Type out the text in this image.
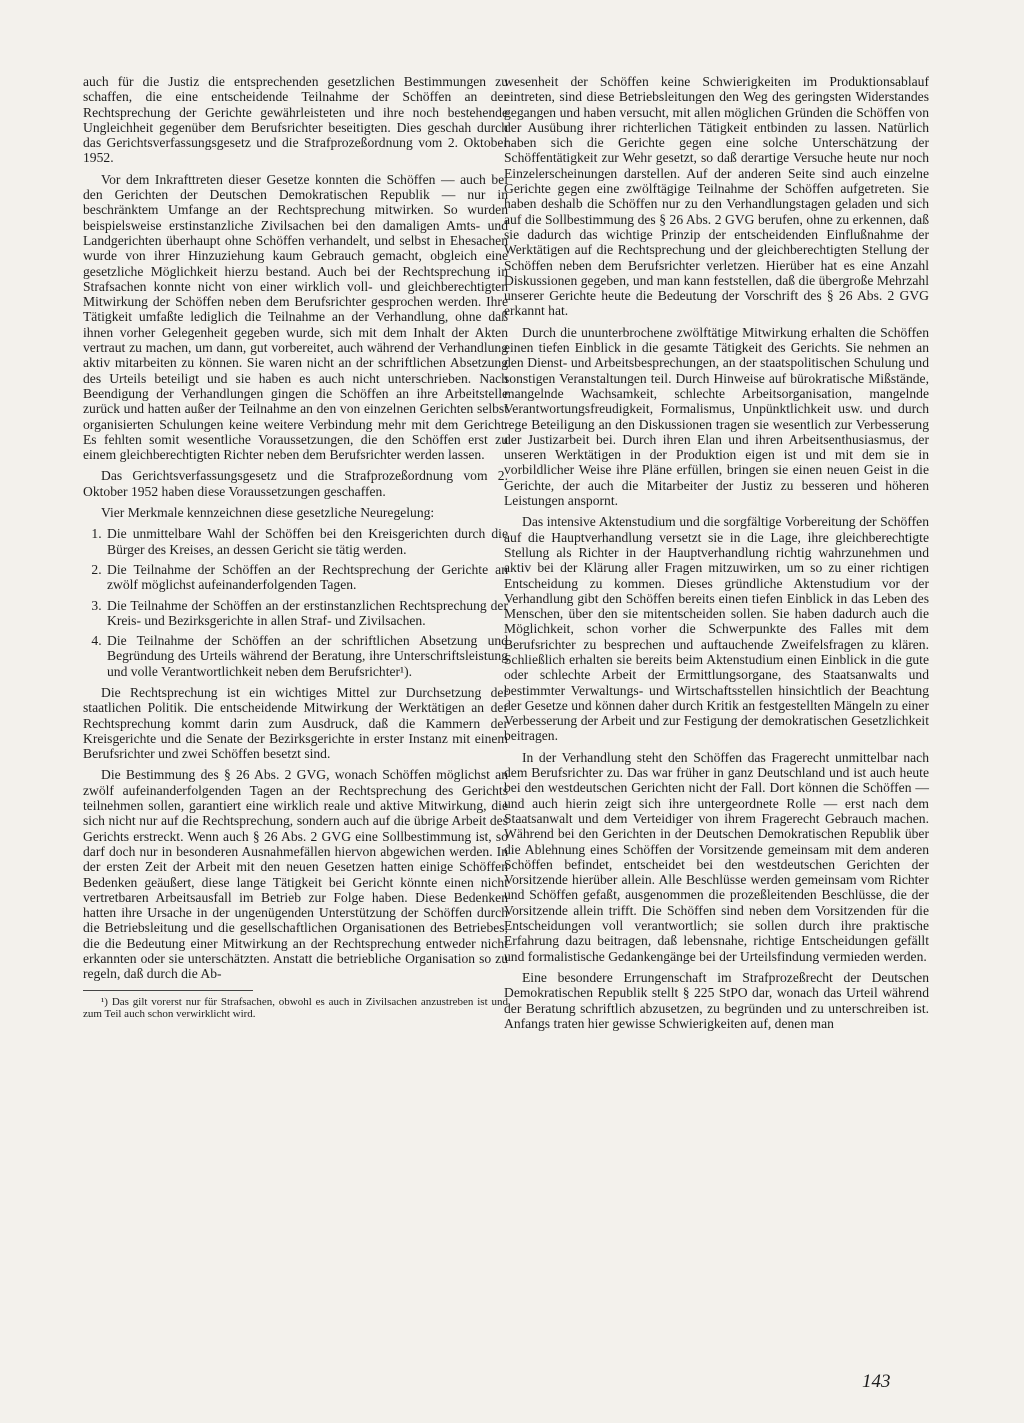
auch für die Justiz die entsprechenden gesetzlichen Bestimmungen zu schaffen, die eine entscheidende Teilnahme der Schöffen an der Rechtsprechung der Gerichte gewährleisteten und ihre noch bestehende Ungleichheit gegenüber dem Berufsrichter beseitigten. Dies geschah durch das Gerichtsverfassungsgesetz und die Strafprozeßordnung vom 2. Oktober 1952.

Vor dem Inkrafttreten dieser Gesetze konnten die Schöffen — auch bei den Gerichten der Deutschen Demokratischen Republik — nur in beschränktem Umfange an der Rechtsprechung mitwirken. So wurden beispielsweise erstinstanzliche Zivilsachen bei den damaligen Amts- und Landgerichten überhaupt ohne Schöffen verhandelt, und selbst in Ehesachen wurde von ihrer Hinzuziehung kaum Gebrauch gemacht, obgleich eine gesetzliche Möglichkeit hierzu bestand. Auch bei der Rechtsprechung in Strafsachen konnte nicht von einer wirklich voll- und gleichberechtigten Mitwirkung der Schöffen neben dem Berufsrichter gesprochen werden. Ihre Tätigkeit umfaßte lediglich die Teilnahme an der Verhandlung, ohne daß ihnen vorher Gelegenheit gegeben wurde, sich mit dem Inhalt der Akten vertraut zu machen, um dann, gut vorbereitet, auch während der Verhandlung aktiv mitarbeiten zu können. Sie waren nicht an der schriftlichen Absetzung des Urteils beteiligt und sie haben es auch nicht unterschrieben. Nach Beendigung der Verhandlungen gingen die Schöffen an ihre Arbeitstelle zurück und hatten außer der Teilnahme an den von einzelnen Gerichten selbst organisierten Schulungen keine weitere Verbindung mehr mit dem Gericht. Es fehlten somit wesentliche Voraussetzungen, die den Schöffen erst zu einem gleichberechtigten Richter neben dem Berufsrichter werden lassen.

Das Gerichtsverfassungsgesetz und die Strafprozeßordnung vom 2. Oktober 1952 haben diese Voraussetzungen geschaffen.

Vier Merkmale kennzeichnen diese gesetzliche Neuregelung:

1. Die unmittelbare Wahl der Schöffen bei den Kreisgerichten durch die Bürger des Kreises, an dessen Gericht sie tätig werden.
2. Die Teilnahme der Schöffen an der Rechtsprechung der Gerichte an zwölf möglichst aufeinanderfolgenden Tagen.
3. Die Teilnahme der Schöffen an der erstinstanzlichen Rechtsprechung der Kreis- und Bezirksgerichte in allen Straf- und Zivilsachen.
4. Die Teilnahme der Schöffen an der schriftlichen Absetzung und Begründung des Urteils während der Beratung, ihre Unterschriftsleistung und volle Verantwortlichkeit neben dem Berufsrichter¹).

Die Rechtsprechung ist ein wichtiges Mittel zur Durchsetzung der staatlichen Politik. Die entscheidende Mitwirkung der Werktätigen an der Rechtsprechung kommt darin zum Ausdruck, daß die Kammern der Kreisgerichte und die Senate der Bezirksgerichte in erster Instanz mit einem Berufsrichter und zwei Schöffen besetzt sind.

Die Bestimmung des § 26 Abs. 2 GVG, wonach Schöffen möglichst an zwölf aufeinanderfolgenden Tagen an der Rechtsprechung des Gerichts teilnehmen sollen, garantiert eine wirklich reale und aktive Mitwirkung, die sich nicht nur auf die Rechtsprechung, sondern auch auf die übrige Arbeit des Gerichts erstreckt. Wenn auch § 26 Abs. 2 GVG eine Sollbestimmung ist, so darf doch nur in besonderen Ausnahmefällen hiervon abgewichen werden. In der ersten Zeit der Arbeit mit den neuen Gesetzen hatten einige Schöffen Bedenken geäußert, diese lange Tätigkeit bei Gericht könnte einen nicht vertretbaren Arbeitsausfall im Betrieb zur Folge haben. Diese Bedenken hatten ihre Ursache in der ungenügenden Unterstützung der Schöffen durch die Betriebsleitung und die gesellschaftlichen Organisationen des Betriebes, die die Bedeutung einer Mitwirkung an der Rechtsprechung entweder nicht erkannten oder sie unterschätzten. Anstatt die betriebliche Organisation so zu regeln, daß durch die Ab-

¹) Das gilt vorerst nur für Strafsachen, obwohl es auch in Zivilsachen anzustreben ist und zum Teil auch schon verwirklicht wird.

wesenheit der Schöffen keine Schwierigkeiten im Produktionsablauf eintreten, sind diese Betriebsleitungen den Weg des geringsten Widerstandes gegangen und haben versucht, mit allen möglichen Gründen die Schöffen von der Ausübung ihrer richterlichen Tätigkeit entbinden zu lassen. Natürlich haben sich die Gerichte gegen eine solche Unterschätzung der Schöffentätigkeit zur Wehr gesetzt, so daß derartige Versuche heute nur noch Einzelerscheinungen darstellen. Auf der anderen Seite sind auch einzelne Gerichte gegen eine zwölftägige Teilnahme der Schöffen aufgetreten. Sie haben deshalb die Schöffen nur zu den Verhandlungstagen geladen und sich auf die Sollbestimmung des § 26 Abs. 2 GVG berufen, ohne zu erkennen, daß sie dadurch das wichtige Prinzip der entscheidenden Einflußnahme der Werktätigen auf die Rechtsprechung und der gleichberechtigten Stellung der Schöffen neben dem Berufsrichter verletzen. Hierüber hat es eine Anzahl Diskussionen gegeben, und man kann feststellen, daß die übergroße Mehrzahl unserer Gerichte heute die Bedeutung der Vorschrift des § 26 Abs. 2 GVG erkannt hat.

Durch die ununterbrochene zwölftätige Mitwirkung erhalten die Schöffen einen tiefen Einblick in die gesamte Tätigkeit des Gerichts. Sie nehmen an den Dienst- und Arbeitsbesprechungen, an der staatspolitischen Schulung und sonstigen Veranstaltungen teil. Durch Hinweise auf bürokratische Mißstände, mangelnde Wachsamkeit, schlechte Arbeitsorganisation, mangelnde Verantwortungsfreudigkeit, Formalismus, Unpünktlichkeit usw. und durch rege Beteiligung an den Diskussionen tragen sie wesentlich zur Verbesserung der Justizarbeit bei. Durch ihren Elan und ihren Arbeitsenthusiasmus, der unseren Werktätigen in der Produktion eigen ist und mit dem sie in vorbildlicher Weise ihre Pläne erfüllen, bringen sie einen neuen Geist in die Gerichte, der auch die Mitarbeiter der Justiz zu besseren und höheren Leistungen anspornt.

Das intensive Aktenstudium und die sorgfältige Vorbereitung der Schöffen auf die Hauptverhandlung versetzt sie in die Lage, ihre gleichberechtigte Stellung als Richter in der Hauptverhandlung richtig wahrzunehmen und aktiv bei der Klärung aller Fragen mitzuwirken, um so zu einer richtigen Entscheidung zu kommen. Dieses gründliche Aktenstudium vor der Verhandlung gibt den Schöffen bereits einen tiefen Einblick in das Leben des Menschen, über den sie mitentscheiden sollen. Sie haben dadurch auch die Möglichkeit, schon vorher die Schwerpunkte des Falles mit dem Berufsrichter zu besprechen und auftauchende Zweifelsfragen zu klären. Schließlich erhalten sie bereits beim Aktenstudium einen Einblick in die gute oder schlechte Arbeit der Ermittlungsorgane, des Staatsanwalts und bestimmter Verwaltungs- und Wirtschaftsstellen hinsichtlich der Beachtung der Gesetze und können daher durch Kritik an festgestellten Mängeln zu einer Verbesserung der Arbeit und zur Festigung der demokratischen Gesetzlichkeit beitragen.

In der Verhandlung steht den Schöffen das Fragerecht unmittelbar nach dem Berufsrichter zu. Das war früher in ganz Deutschland und ist auch heute bei den westdeutschen Gerichten nicht der Fall. Dort können die Schöffen — und auch hierin zeigt sich ihre untergeordnete Rolle — erst nach dem Staatsanwalt und dem Verteidiger von ihrem Fragerecht Gebrauch machen. Während bei den Gerichten in der Deutschen Demokratischen Republik über die Ablehnung eines Schöffen der Vorsitzende gemeinsam mit dem anderen Schöffen befindet, entscheidet bei den westdeutschen Gerichten der Vorsitzende hierüber allein. Alle Beschlüsse werden gemeinsam vom Richter und Schöffen gefaßt, ausgenommen die prozeßleitenden Beschlüsse, die der Vorsitzende allein trifft. Die Schöffen sind neben dem Vorsitzenden für die Entscheidungen voll verantwortlich; sie sollen durch ihre praktische Erfahrung dazu beitragen, daß lebensnahe, richtige Entscheidungen gefällt und formalistische Gedankengänge bei der Urteilsfindung vermieden werden.

Eine besondere Errungenschaft im Strafprozeßrecht der Deutschen Demokratischen Republik stellt § 225 StPO dar, wonach das Urteil während der Beratung schriftlich abzusetzen, zu begründen und zu unterschreiben ist. Anfangs traten hier gewisse Schwierigkeiten auf, denen man

143
